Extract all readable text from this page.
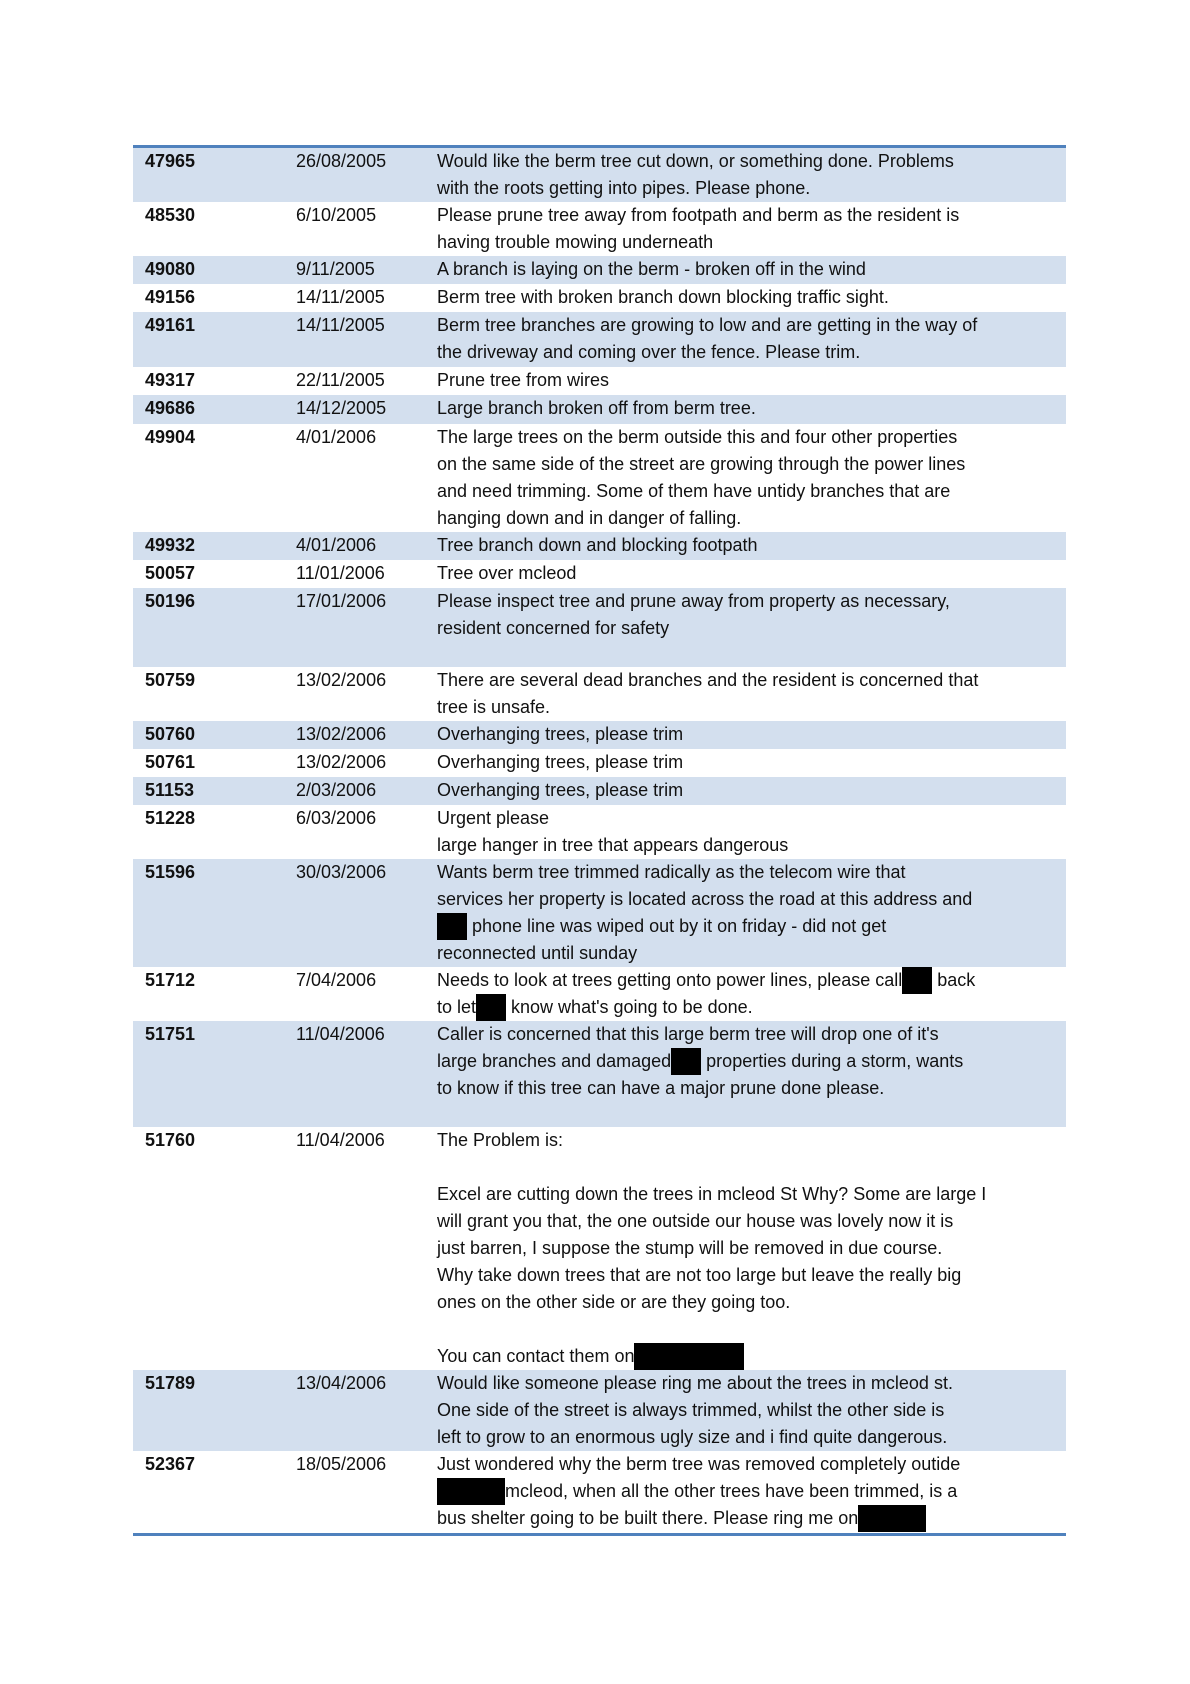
47965	26/08/2005	Would like the berm tree cut down, or something done. Problems
with the roots getting into pipes. Please phone.
48530	6/10/2005	Please prune tree away from footpath and berm as the resident is
having trouble mowing underneath
49080	9/11/2005	A branch is laying on the berm - broken off in the wind
49156	14/11/2005	Berm tree with broken branch down blocking traffic sight.
49161	14/11/2005	Berm tree branches are growing to low and are getting in the way of
the driveway and coming over the fence. Please trim.
49317	22/11/2005	Prune tree from wires
49686	14/12/2005	Large branch broken off from berm tree.
49904	4/01/2006	The large trees on the berm outside this and four other properties
on the same side of the street are growing through the power lines
and need trimming. Some of them have untidy branches that are
hanging down and in danger of falling.
49932	4/01/2006	Tree branch down and blocking footpath
50057	11/01/2006	Tree over mcleod
50196	17/01/2006	Please inspect tree and prune away from property as necessary,
resident concerned for safety
50759	13/02/2006	There are several dead branches and the resident is concerned that
tree is unsafe.
50760	13/02/2006	Overhanging trees, please trim
50761	13/02/2006	Overhanging trees, please trim
51153	2/03/2006	Overhanging trees, please trim
51228	6/03/2006	Urgent please
large hanger in tree that appears dangerous
51596	30/03/2006	Wants berm tree trimmed radically as the telecom wire that
services her property is located across the road at this address and
[R] phone line was wiped out by it on friday - did not get
reconnected until sunday
51712	7/04/2006	Needs to look at trees getting onto power lines, please call[R] back
to let[R] know what's going to be done.
51751	11/04/2006	Caller is concerned that this large berm tree will drop one of it's
large branches and damaged[R] properties during a storm, wants
to know if this tree can have a major prune done please.
51760	11/04/2006	The Problem is:
Excel are cutting down the trees in mcleod St Why? Some are large I
will grant you that, the one outside our house was lovely now it is
just barren, I suppose the stump will be removed in due course.
Why take down trees that are not too large but leave the really big
ones on the other side or are they going too.
You can contact them on[RX]
51789	13/04/2006	Would like someone please ring me about the trees in mcleod st.
One side of the street is always trimmed, whilst the other side is
left to grow to an enormous ugly size and i find quite dangerous.
52367	18/05/2006	Just wondered why the berm tree was removed completely outide
[RL]	mcleod, when all the other trees have been trimmed, is a
bus shelter going to be built there. Please ring me on[RL]
